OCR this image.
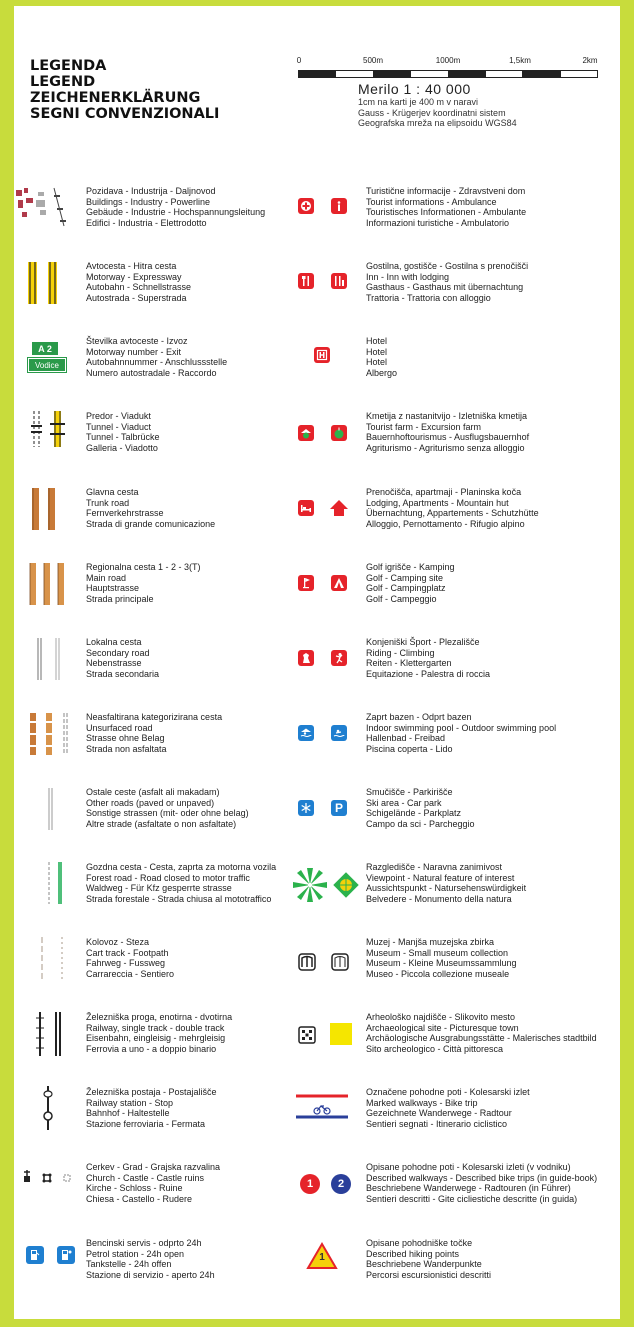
LEGENDA
LEGEND
ZEICHENERKLÄRUNG
SEGNI CONVENZIONALI
0	500m	1000m	1,5km	2km
Merilo 1 : 40 000
1cm na karti je 400 m v naravi
Gauss - Krügerjev koordinatni sistem
Geografska mreža na elipsoidu WGS84
Pozidava - Industrija - Daljnovod
Buildings - Industry - Powerline
Gebäude - Industrie - Hochspannungsleitung
Edifici - Industria - Elettrodotto
Avtocesta - Hitra cesta
Motorway - Expressway
Autobahn - Schnellstrasse
Autostrada - Superstrada
Številka avtoceste - Izvoz
Motorway number - Exit
Autobahnnummer - Anschlussstelle
Numero autostradale - Raccordo
Predor - Viadukt
Tunnel - Viaduct
Tunnel - Talbrücke
Galleria - Viadotto
Glavna cesta
Trunk road
Fernverkehrstrasse
Strada di grande comunicazione
Regionalna cesta 1 - 2 - 3(T)
Main road
Hauptstrasse
Strada principale
Lokalna cesta
Secondary road
Nebenstrasse
Strada secondaria
Neasfaltirana kategorizirana cesta
Unsurfaced road
Strasse ohne Belag
Strada non asfaltata
Ostale ceste (asfalt ali makadam)
Other roads (paved or unpaved)
Sonstige strassen (mit- oder ohne belag)
Altre strade (asfaltate o non asfaltate)
Gozdna cesta - Cesta, zaprta za motorna vozila
Forest road - Road closed to motor traffic
Waldweg - Für Kfz gesperrte strasse
Strada forestale - Strada chiusa al mototraffico
Kolovoz - Steza
Cart track - Footpath
Fahrweg - Fussweg
Carrareccia - Sentiero
Železniška proga, enotirna - dvotirna
Railway, single track - double track
Eisenbahn, eingleisig - mehrgleisig
Ferrovia a uno - a doppio binario
Železniška postaja - Postajališče
Railway station - Stop
Bahnhof - Haltestelle
Stazione ferroviaria - Fermata
Cerkev - Grad - Grajska razvalina
Church - Castle - Castle ruins
Kirche - Schloss - Ruine
Chiesa - Castello - Rudere
Bencinski servis - odprto 24h
Petrol station - 24h open
Tankstelle - 24h offen
Stazione di servizio - aperto 24h
Turistične informacije - Zdravstveni dom
Tourist informations - Ambulance
Touristisches Informationen - Ambulante
Informazioni turistiche - Ambulatorio
Gostilna, gostišče - Gostilna s prenočišči
Inn - Inn with lodging
Gasthaus - Gasthaus mit übernachtung
Trattoria - Trattoria con alloggio
Hotel
Hotel
Hotel
Albergo
Kmetija z nastanitvijo - Izletniška kmetija
Tourist farm - Excursion farm
Bauernhoftourismus - Ausflugsbauernhof
Agriturismo - Agriturismo senza alloggio
Prenočišča, apartmaji - Planinska koča
Lodging, Apartments - Mountain hut
Übernachtung, Appartements - Schutzhütte
Alloggio, Pernottamento - Rifugio alpino
Golf igrišče - Kamping
Golf - Camping site
Golf - Campingplatz
Golf - Campeggio
Konjeniški Šport - Plezališče
Riding - Climbing
Reiten - Klettergarten
Equitazione - Palestra di roccia
Zaprt bazen - Odprt bazen
Indoor swimming pool - Outdoor swimming pool
Hallenbad - Freibad
Piscina coperta - Lido
Smučišče - Parkirišče
Ski area - Car park
Schigelände - Parkplatz
Campo da sci - Parcheggio
Razgledišče - Naravna zanimivost
Viewpoint - Natural feature of interest
Aussichtspunkt - Natursehenswürdigkeit
Belvedere - Monumento della natura
Muzej - Manjša muzejska zbirka
Museum - Small museum collection
Museum - Kleine Museumssammlung
Museo - Piccola collezione museale
Arheološko najdišče - Slikovito mesto
Archaeological site - Picturesque town
Archäologische Ausgrabungsstätte - Malerisches stadtbild
Sito archeologico - Città pittoresca
Označene pohodne poti - Kolesarski izlet
Marked walkways - Bike trip
Gezeichnete Wanderwege - Radtour
Sentieri segnati - Itinerario ciclistico
Opisane pohodne poti - Kolesarski izleti (v vodniku)
Described walkways - Described bike trips (in guide-book)
Beschriebene Wanderwege - Radtouren (in Führer)
Sentieri descritti - Gite cicliestiche descritte (in guida)
Opisane pohodniške točke
Described hiking points
Beschriebene Wanderpunkte
Percorsi escursionistici descritti
A 2
Vodice
P
1	2
1
